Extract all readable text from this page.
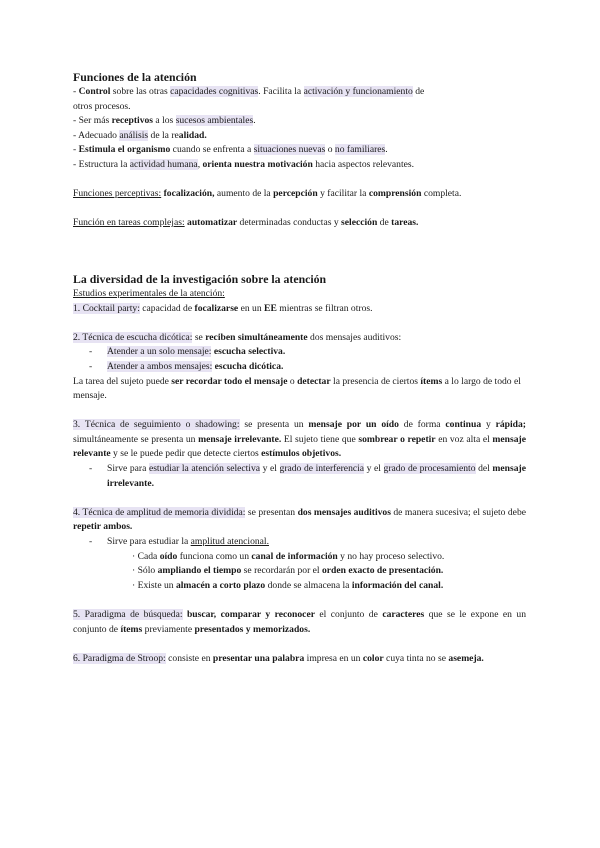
Funciones de la atención

- Control sobre las otras capacidades cognitivas. Facilita la activación y funcionamiento de

otros procesos.

- Ser más receptivos a los sucesos ambientales.

- Adecuado análisis de la realidad.

- Estimula el organismo cuando se enfrenta a situaciones nuevas o no familiares.

- Estructura la actividad humana, orienta nuestra motivación hacia aspectos relevantes.

Funciones perceptivas: focalización, aumento de la percepción y facilitar la comprensión completa.

Función en tareas complejas: automatizar determinadas conductas y selección de tareas.

La diversidad de la investigación sobre la atención

Estudios experimentales de la atención:

1. Cocktail party: capacidad de focalizarse en un EE mientras se filtran otros.

2. Técnica de escucha dicótica: se reciben simultáneamente dos mensajes auditivos:

- Atender a un solo mensaje: escucha selectiva.

- Atender a ambos mensajes: escucha dicótica.

La tarea del sujeto puede ser recordar todo el mensaje o detectar la presencia de ciertos ítems a lo largo de todo el mensaje.

3. Técnica de seguimiento o shadowing: se presenta un mensaje por un oído de forma continua y rápida; simultáneamente se presenta un mensaje irrelevante. El sujeto tiene que sombrear o repetir en voz alta el mensaje relevante y se le puede pedir que detecte ciertos estímulos objetivos.

- Sirve para estudiar la atención selectiva y el grado de interferencia y el grado de procesamiento del mensaje irrelevante.

4. Técnica de amplitud de memoria dividida: se presentan dos mensajes auditivos de manera sucesiva; el sujeto debe repetir ambos.

- Sirve para estudiar la amplitud atencional.

· Cada oído funciona como un canal de información y no hay proceso selectivo.

· Sólo ampliando el tiempo se recordarán por el orden exacto de presentación.

· Existe un almacén a corto plazo donde se almacena la información del canal.

5. Paradigma de búsqueda: buscar, comparar y reconocer el conjunto de caracteres que se le expone en un conjunto de ítems previamente presentados y memorizados.

6. Paradigma de Stroop: consiste en presentar una palabra impresa en un color cuya tinta no se asemeja.
